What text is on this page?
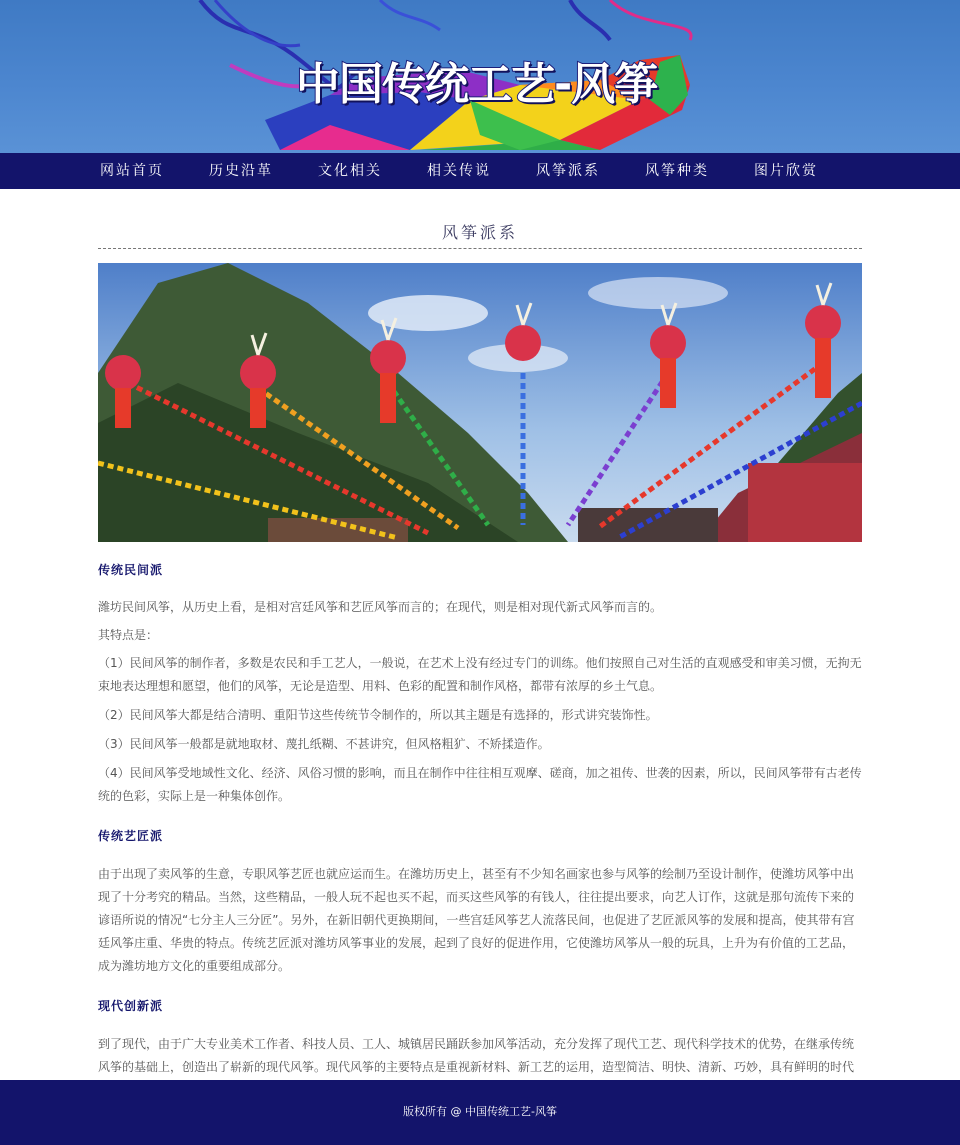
中国传统工艺-风筝
网站首页	历史沿革	文化相关	相关传说	风筝派系	风筝种类	图片欣赏
风筝派系
传统民间派

潍坊民间风筝，从历史上看，是相对宫廷风筝和艺匠风筝而言的；在现代，则是相对现代新式风筝而言的。

其特点是：

（1）民间风筝的制作者，多数是农民和手工艺人，一般说，在艺术上没有经过专门的训练。他们按照自己对生活的直观感受和审美习惯，无拘无束地表达理想和愿望，他们的风筝，无论是造型、用料、色彩的配置和制作风格，都带有浓厚的乡土气息。

（2）民间风筝大都是结合清明、重阳节这些传统节令制作的，所以其主题是有选择的，形式讲究装饰性。

（3）民间风筝一般都是就地取材、蔑扎纸糊、不甚讲究，但风格粗犷、不矫揉造作。

（4）民间风筝受地域性文化、经济、风俗习惯的影响，而且在制作中往往相互观摩、磋商，加之祖传、世袭的因素，所以，民间风筝带有古老传统的色彩，实际上是一种集体创作。

传统艺匠派

由于出现了卖风筝的生意，专职风筝艺匠也就应运而生。在潍坊历史上，甚至有不少知名画家也参与风筝的绘制乃至设计制作，使潍坊风筝中出现了十分考究的精品。当然，这些精品，一般人玩不起也买不起，而买这些风筝的有钱人，往往提出要求，向艺人订作，这就是那句流传下来的谚语所说的情况“七分主人三分匠”。另外，在新旧朝代更换期间，一些宫廷风筝艺人流落民间，也促进了艺匠派风筝的发展和提高，使其带有宫廷风筝庄重、华贵的特点。传统艺匠派对潍坊风筝事业的发展，起到了良好的促进作用，它使潍坊风筝从一般的玩具，上升为有价值的工艺品，成为潍坊地方文化的重要组成部分。

现代创新派

到了现代，由于广大专业美术工作者、科技人员、工人、城镇居民踊跃参加风筝活动，充分发挥了现代工艺、现代科学技术的优势，在继承传统风筝的基础上，创造出了崭新的现代风筝。现代风筝的主要特点是重视新材料、新工艺的运用，造型简洁、明快、清新、巧妙，具有鲜明的时代

版权所有 @ 中国传统工艺-风筝
